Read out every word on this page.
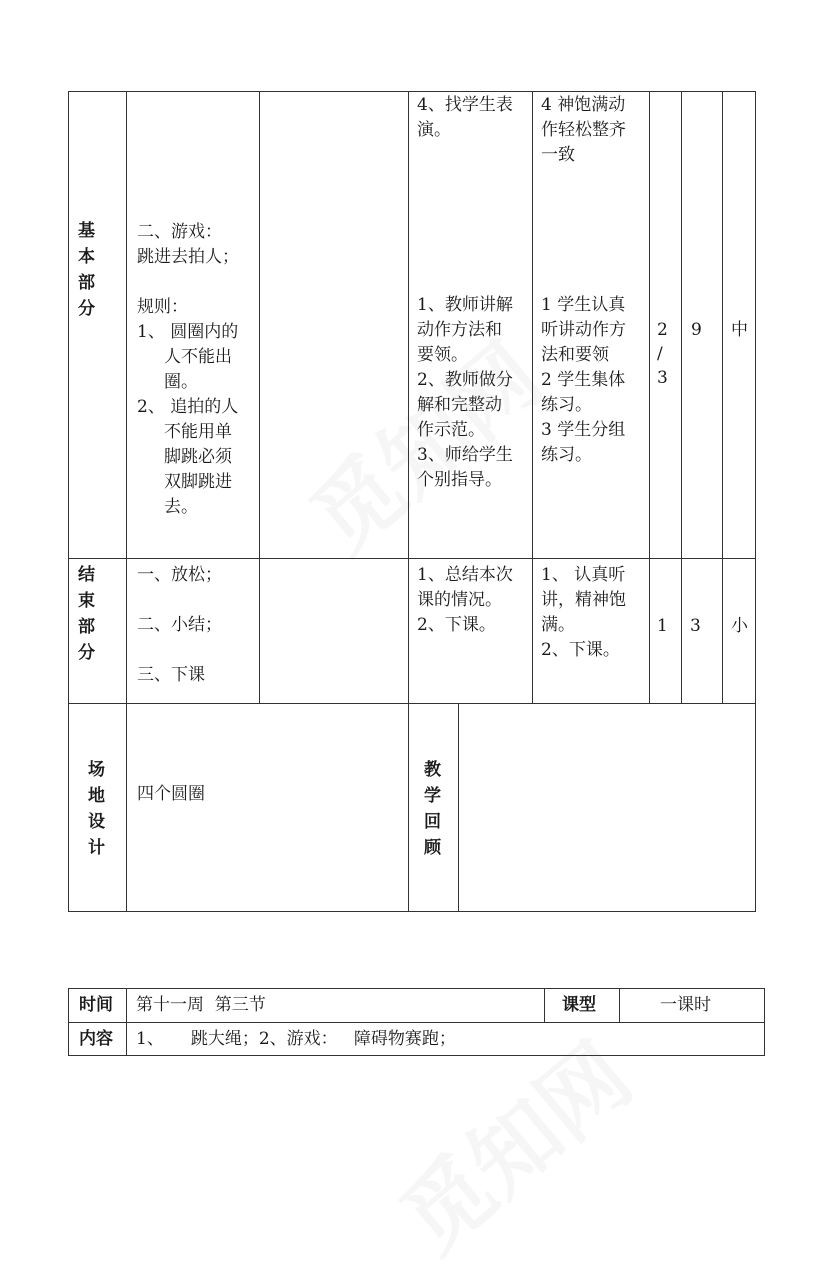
基
本
部
分
二、游戏：
跳进去拍人；

规则：
1、 圆圈内的
人不能出
圈。
2、 追拍的人
不能用单
脚跳必须
双脚跳进
去。
4、找学生表
演。
1、教师讲解
动作方法和
要领。
2、教师做分
解和完整动
作示范。
3、师给学生
个别指导。
4 神饱满动
作轻松整齐
一致
1 学生认真
听讲动作方
法和要领
2 学生集体
练习。
3 学生分组
练习。
2
/
3
9 中
结
束
部
分
一、放松；

二、小结；

三、下课
1、总结本次
课的情况。
2、下课。
1、 认真听
讲，精神饱
满。
2、下课。
1 3 小
场
地
设
计
四个圆圈
教
学
回
顾
时间 第十一周  第三节	课型	一课时
内容 1、     跳大绳；2、游戏：   障碍物赛跑；
